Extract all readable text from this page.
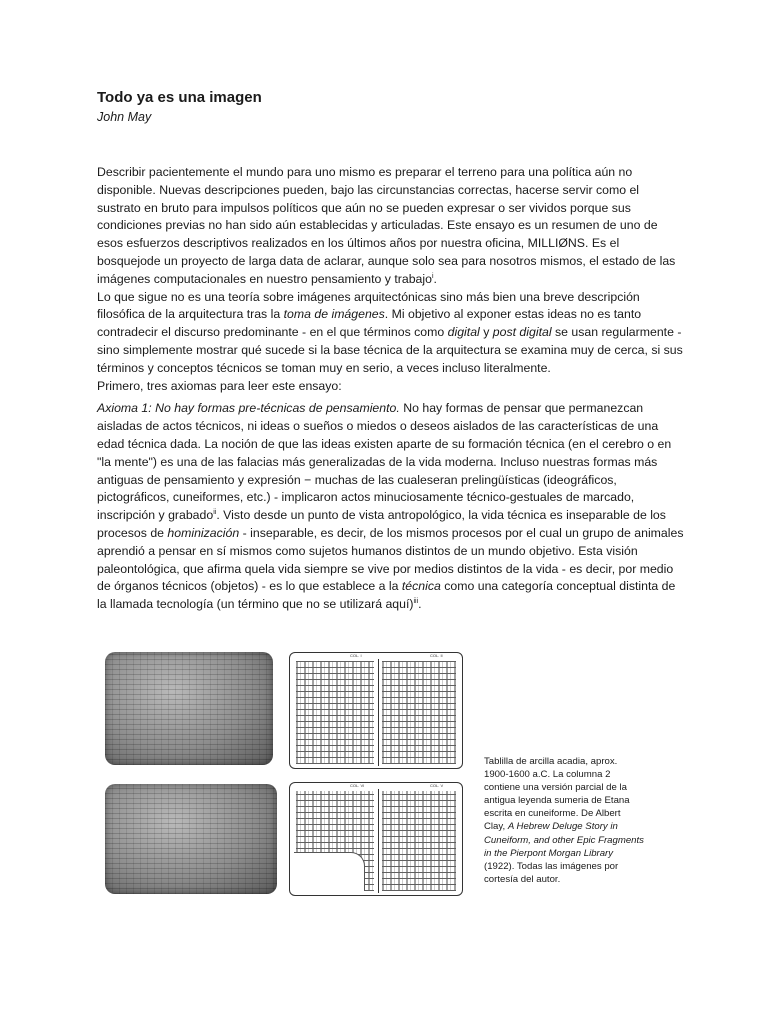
Todo ya es una imagen
John May

Describir pacientemente el mundo para uno mismo es preparar el terreno para una política aún no disponible. Nuevas descripciones pueden, bajo las circunstancias correctas, hacerse servir como el sustrato en bruto para impulsos políticos que aún no se pueden expresar o ser vividos porque sus condiciones previas no han sido aún establecidas y articuladas. Este ensayo es un resumen de uno de esos esfuerzos descriptivos realizados en los últimos años por nuestra oficina, MILLIØNS. Es el bosquejode un proyecto de larga data de aclarar, aunque solo sea para nosotros mismos, el estado de las imágenes computacionales en nuestro pensamiento y trabajo$^i$.

Lo que sigue no es una teoría sobre imágenes arquitectónicas sino más bien una breve descripción filosófica de la arquitectura tras la toma de imágenes. Mi objetivo al exponer estas ideas no es tanto contradecir el discurso predominante - en el que términos como digital y post digital se usan regularmente - sino simplemente mostrar qué sucede si la base técnica de la arquitectura se examina muy de cerca, si sus términos y conceptos técnicos se toman muy en serio, a veces incluso literalmente.

Primero, tres axiomas para leer este ensayo:

Axioma 1: No hay formas pre-técnicas de pensamiento. No hay formas de pensar que permanezcan aisladas de actos técnicos, ni ideas o sueños o miedos o deseos aislados de las características de una edad técnica dada. La noción de que las ideas existen aparte de su formación técnica (en el cerebro o en "la mente") es una de las falacias más generalizadas de la vida moderna. Incluso nuestras formas más antiguas de pensamiento y expresión − muchas de las cualeseran prelingüísticas (ideográficos, pictográficos, cuneiformes, etc.) - implicaron actos minuciosamente técnico-gestuales de marcado, inscripción y grabado$^{ii}$. Visto desde un punto de vista antropológico, la vida técnica es inseparable de los procesos de hominización - inseparable, es decir, de los mismos procesos por el cual un grupo de animales aprendió a pensar en sí mismos como sujetos humanos distintos de un mundo objetivo. Esta visión paleontológica, que afirma quela vida siempre se vive por medios distintos de la vida - es decir, por medio de órganos técnicos (objetos) - es lo que establece a la técnica como una categoría conceptual distinta de la llamada tecnología (un término que no se utilizará aquí)$^{iii}$.

COL. I	COL. II
COL. VI	COL. V
Tablilla de arcilla acadia, aprox. 1900-1600 a.C. La columna 2 contiene una versión parcial de la antigua leyenda sumeria de Etana escrita en cuneiforme. De Albert Clay, A Hebrew Deluge Story in Cuneiform, and other Epic Fragments in the Pierpont Morgan Library (1922). Todas las imágenes por cortesía del autor.
